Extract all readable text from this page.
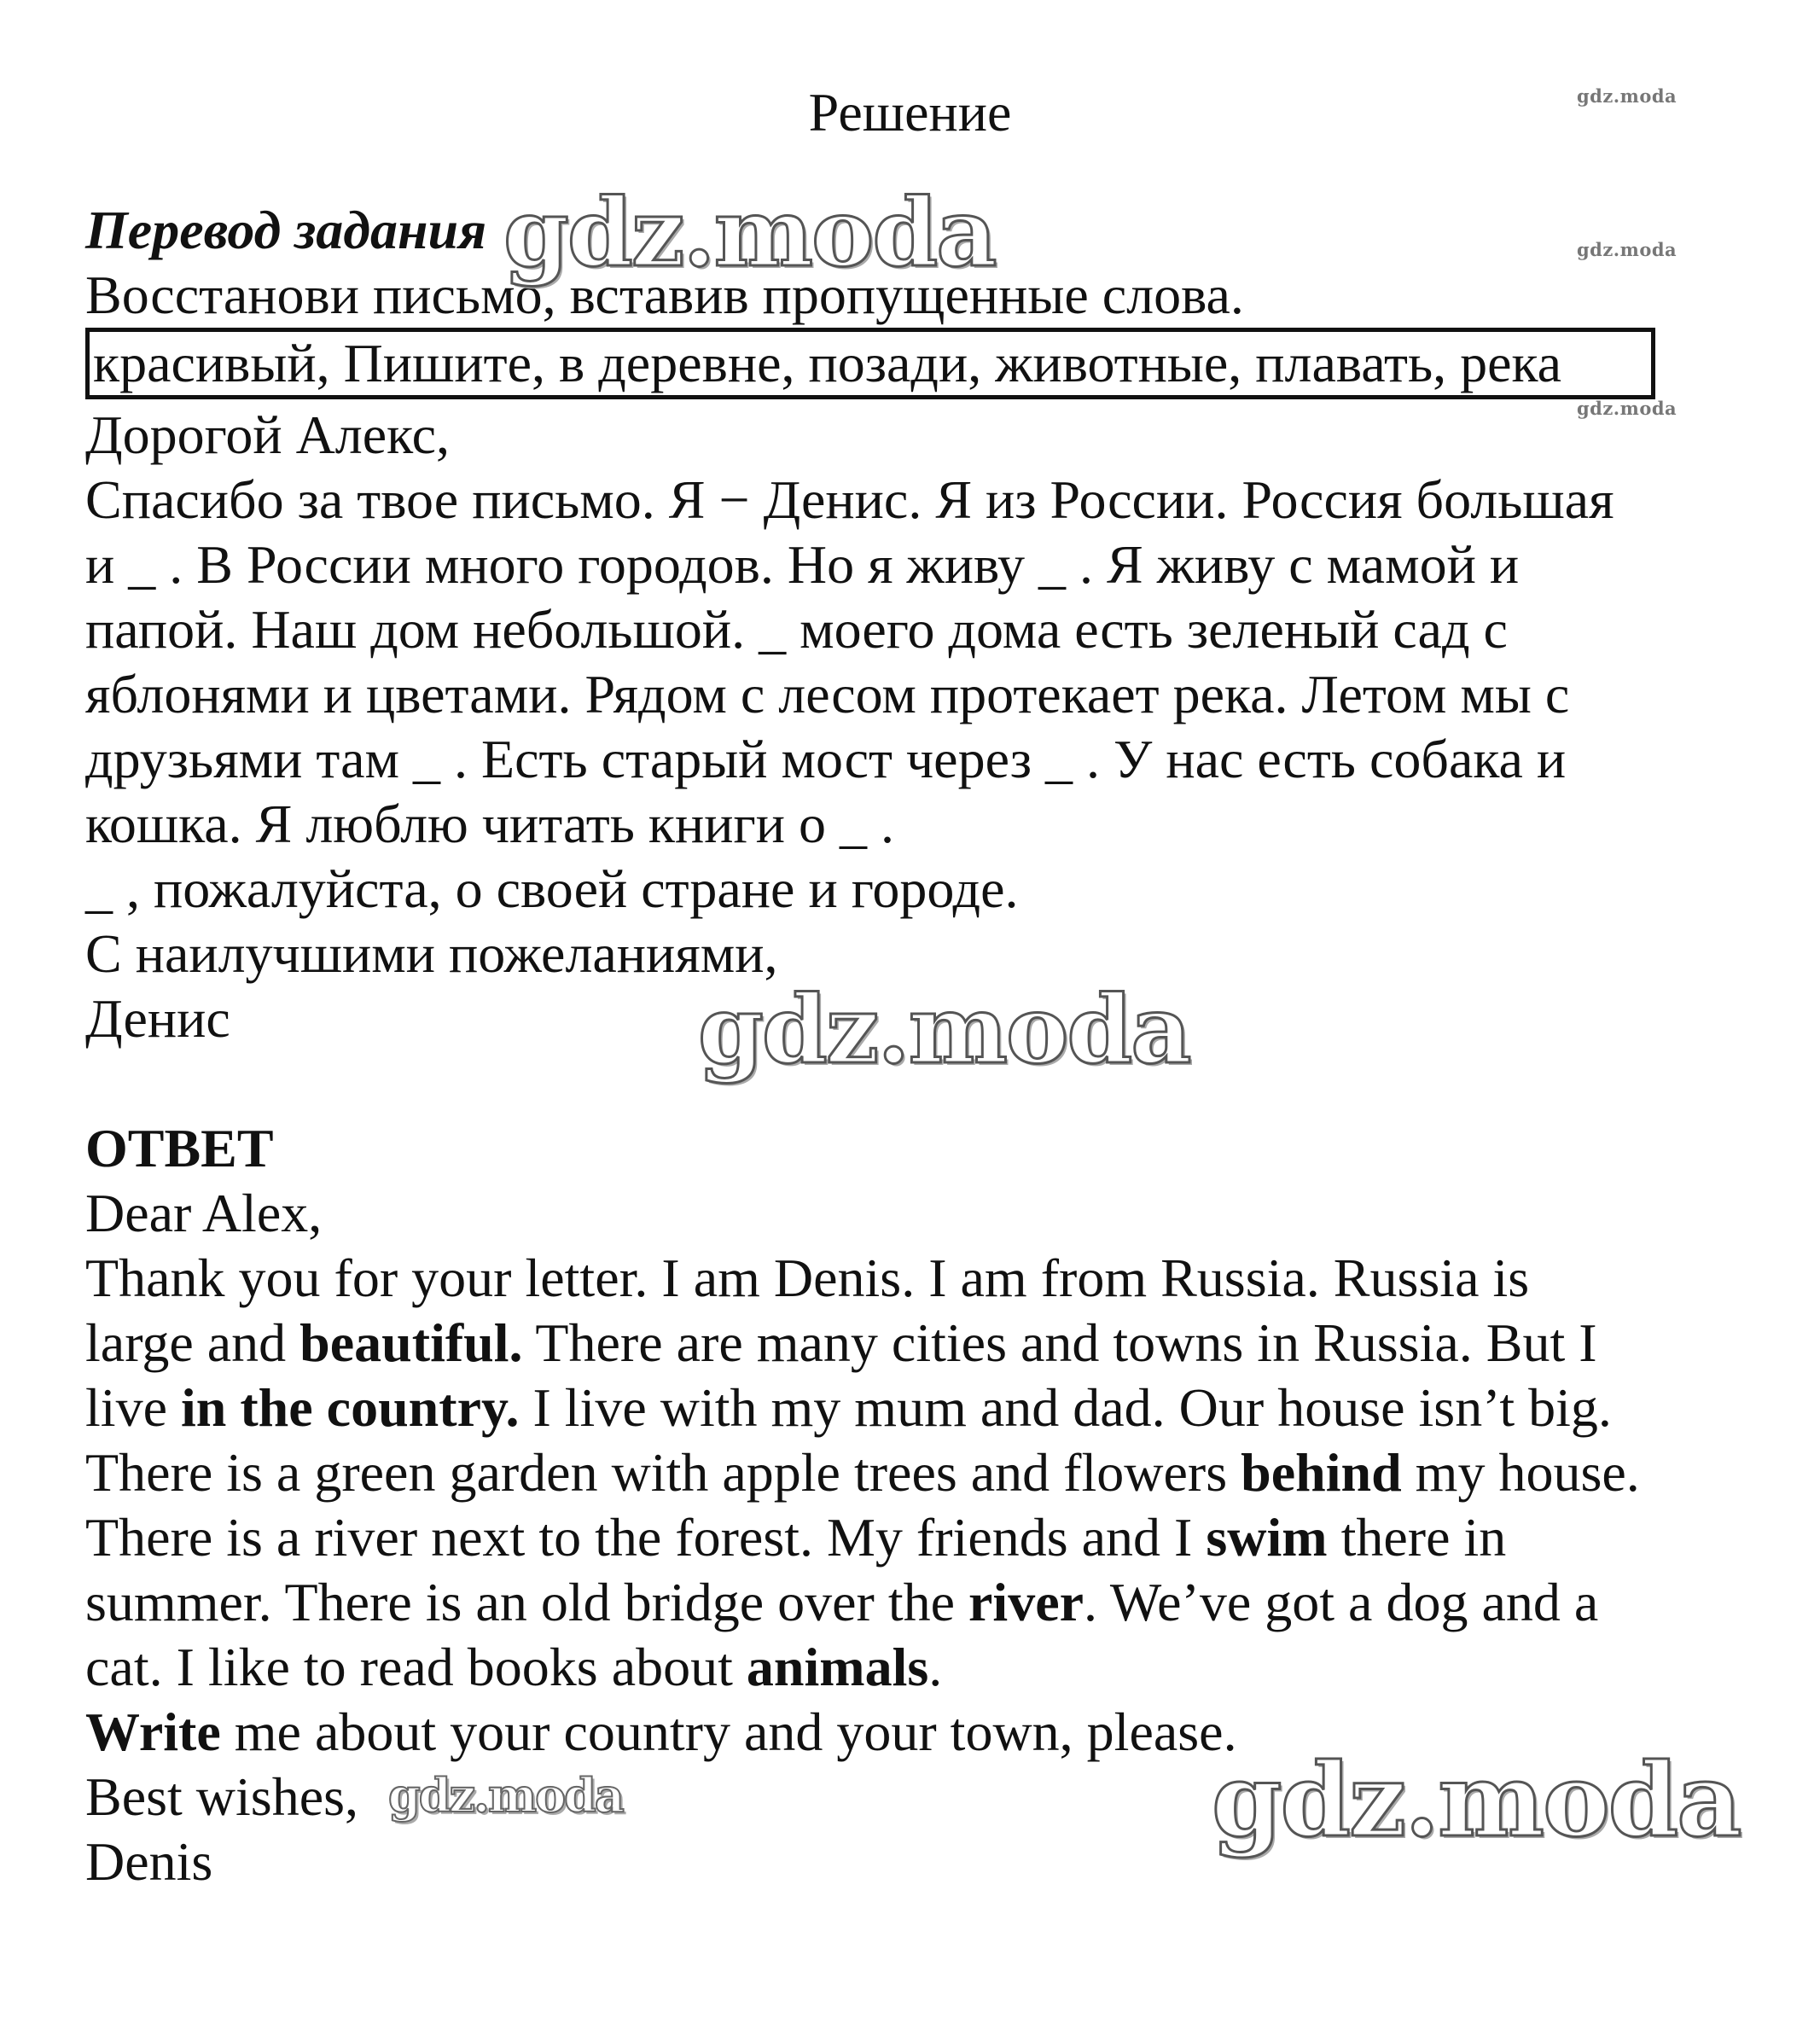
Решение
Перевод задания
Восстанови письмо, вставив пропущенные слова.
красивый, Пишите, в деревне, позади, животные, плавать, река
Дорогой Алекс,
Спасибо за твое письмо. Я − Денис. Я из России. Россия большая
и _ . В России много городов. Но я живу _ . Я живу с мамой и
папой. Наш дом небольшой. _ моего дома есть зеленый сад с
яблонями и цветами. Рядом с лесом протекает река. Летом мы с
друзьями там _ . Есть старый мост через _ . У нас есть собака и
кошка. Я люблю читать книги о _ .
_ , пожалуйста, о своей стране и городе.
С наилучшими пожеланиями,
Денис
ОТВЕТ
Dear Alex,
Thank you for your letter. I am Denis. I am from Russia. Russia is
large and beautiful. There are many cities and towns in Russia. But I
live in the country. I live with my mum and dad. Our house isn’t big.
There is a green garden with apple trees and flowers behind my house.
There is a river next to the forest. My friends and I swim there in
summer. There is an old bridge over the river. We’ve got a dog and a
cat. I like to read books about animals.
Write me about your country and your town, please.
Best wishes,
Denis
gdz.moda
gdz.moda
gdz.moda
gdz.moda
gdz.moda
gdz.moda
gdz.moda
